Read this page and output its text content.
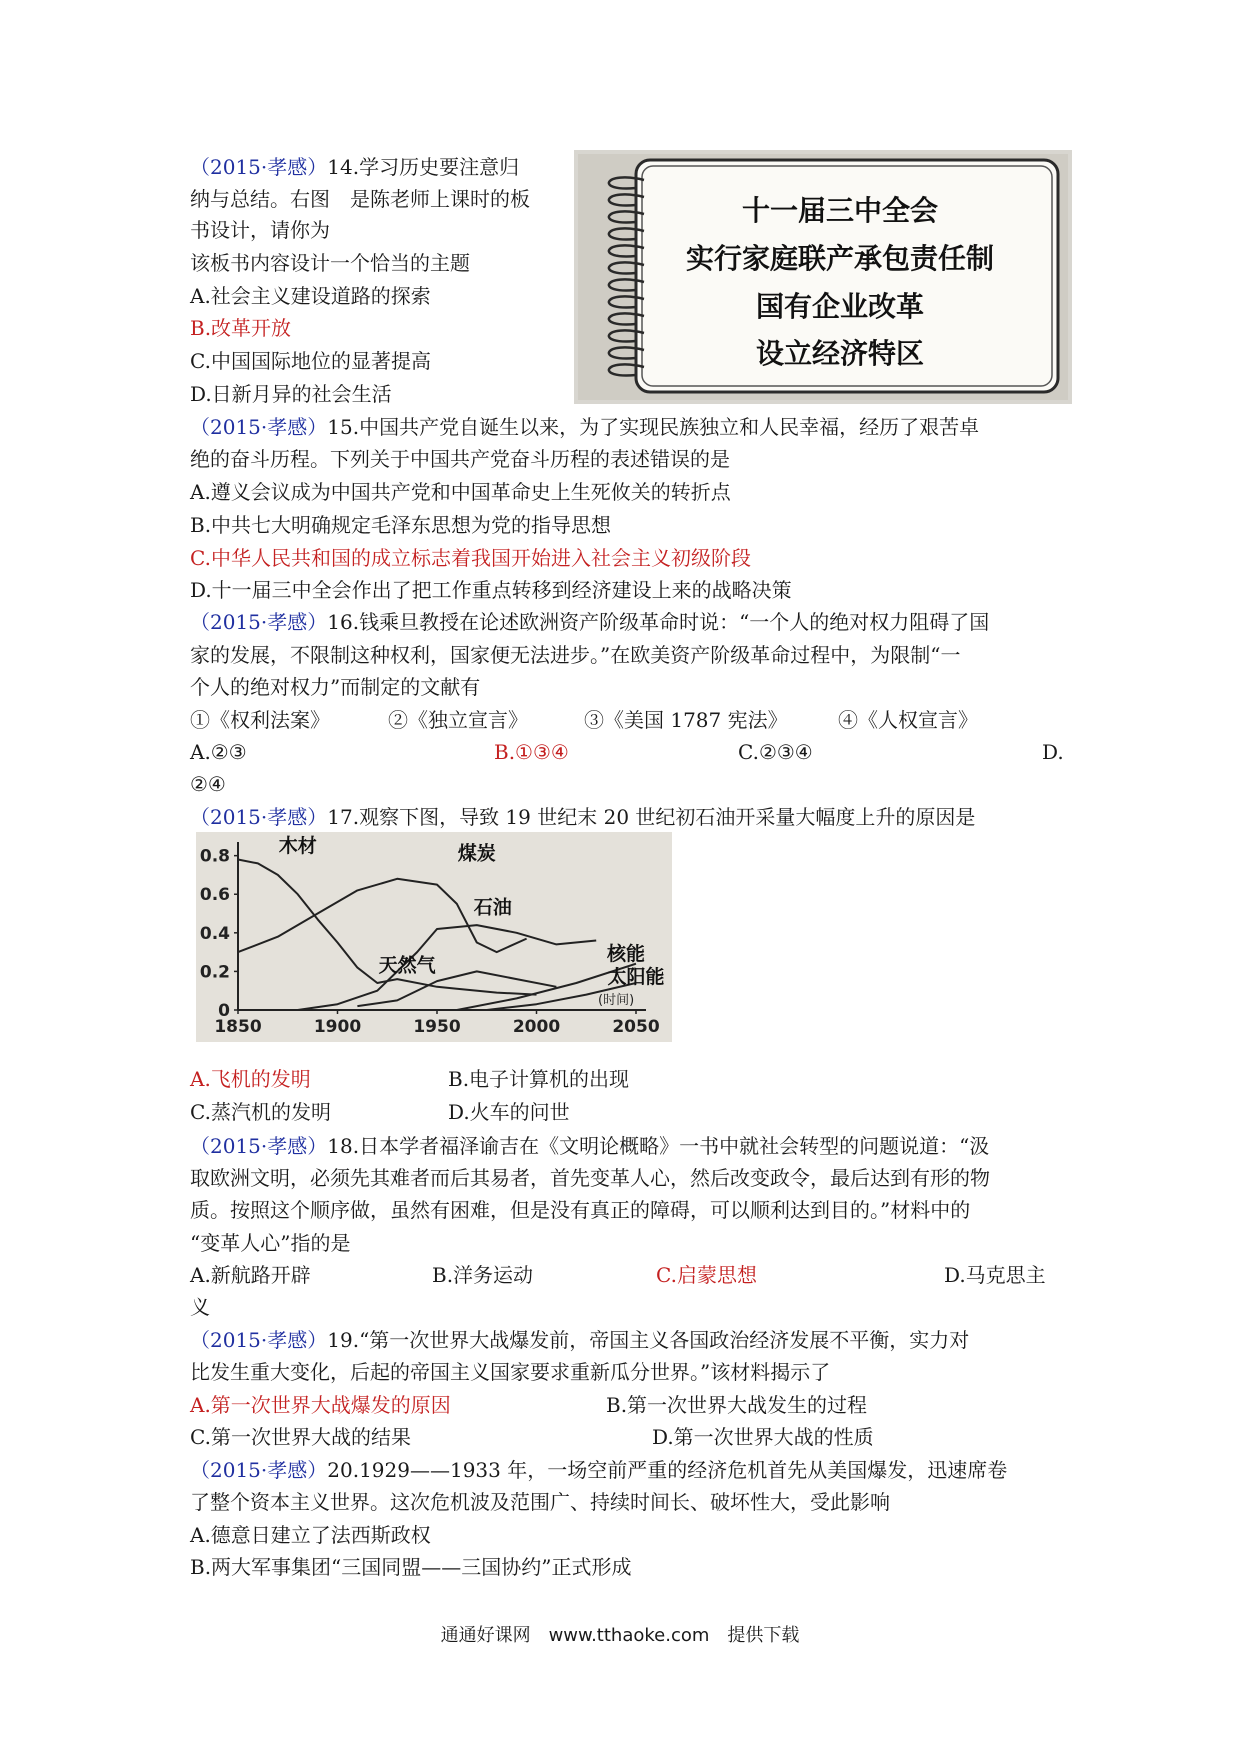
（2015·孝感）14.学习历史要注意归
纳与总结。右图　是陈老师上课时的板
书设计，请你为
该板书内容设计一个恰当的主题
A.社会主义建设道路的探索
B.改革开放
C.中国国际地位的显著提高
D.日新月异的社会生活
十一届三中全会
实行家庭联产承包责任制
国有企业改革
设立经济特区
（2015·孝感）15.中国共产党自诞生以来，为了实现民族独立和人民幸福，经历了艰苦卓
绝的奋斗历程。下列关于中国共产党奋斗历程的表述错误的是
A.遵义会议成为中国共产党和中国革命史上生死攸关的转折点
B.中共七大明确规定毛泽东思想为党的指导思想
C.中华人民共和国的成立标志着我国开始进入社会主义初级阶段
D.十一届三中全会作出了把工作重点转移到经济建设上来的战略决策
（2015·孝感）16.钱乘旦教授在论述欧洲资产阶级革命时说：“一个人的绝对权力阻碍了国
家的发展，不限制这种权利，国家便无法进步。”在欧美资产阶级革命过程中，为限制“一
个人的绝对权力”而制定的文献有
①《权利法案》	②《独立宣言》	③《美国 1787 宪法》	④《人权宣言》
A.②③	B.①③④	C.②③④	D.
②④
（2015·孝感）17.观察下图，导致 19 世纪末 20 世纪初石油开采量大幅度上升的原因是
0
0.2
0.4
0.6
0.8
1850	1900	1950	2000	2050
(时间)
木材	煤炭
石油
天然气
核能
太阳能
A.飞机的发明	B.电子计算机的出现
C.蒸汽机的发明	D.火车的问世
（2015·孝感）18.日本学者福泽谕吉在《文明论概略》一书中就社会转型的问题说道：“汲
取欧洲文明，必须先其难者而后其易者，首先变革人心，然后改变政令，最后达到有形的物
质。按照这个顺序做，虽然有困难，但是没有真正的障碍，可以顺利达到目的。”材料中的
“变革人心”指的是
A.新航路开辟	B.洋务运动	C.启蒙思想	D.马克思主
义
（2015·孝感）19.“第一次世界大战爆发前，帝国主义各国政治经济发展不平衡，实力对
比发生重大变化，后起的帝国主义国家要求重新瓜分世界。”该材料揭示了
A.第一次世界大战爆发的原因	B.第一次世界大战发生的过程
C.第一次世界大战的结果	D.第一次世界大战的性质
（2015·孝感）20.1929——1933 年，一场空前严重的经济危机首先从美国爆发，迅速席卷
了整个资本主义世界。这次危机波及范围广、持续时间长、破坏性大，受此影响
A.德意日建立了法西斯政权
B.两大军事集团“三国同盟——三国协约”正式形成
通通好课网　www.tthaoke.com　提供下载
